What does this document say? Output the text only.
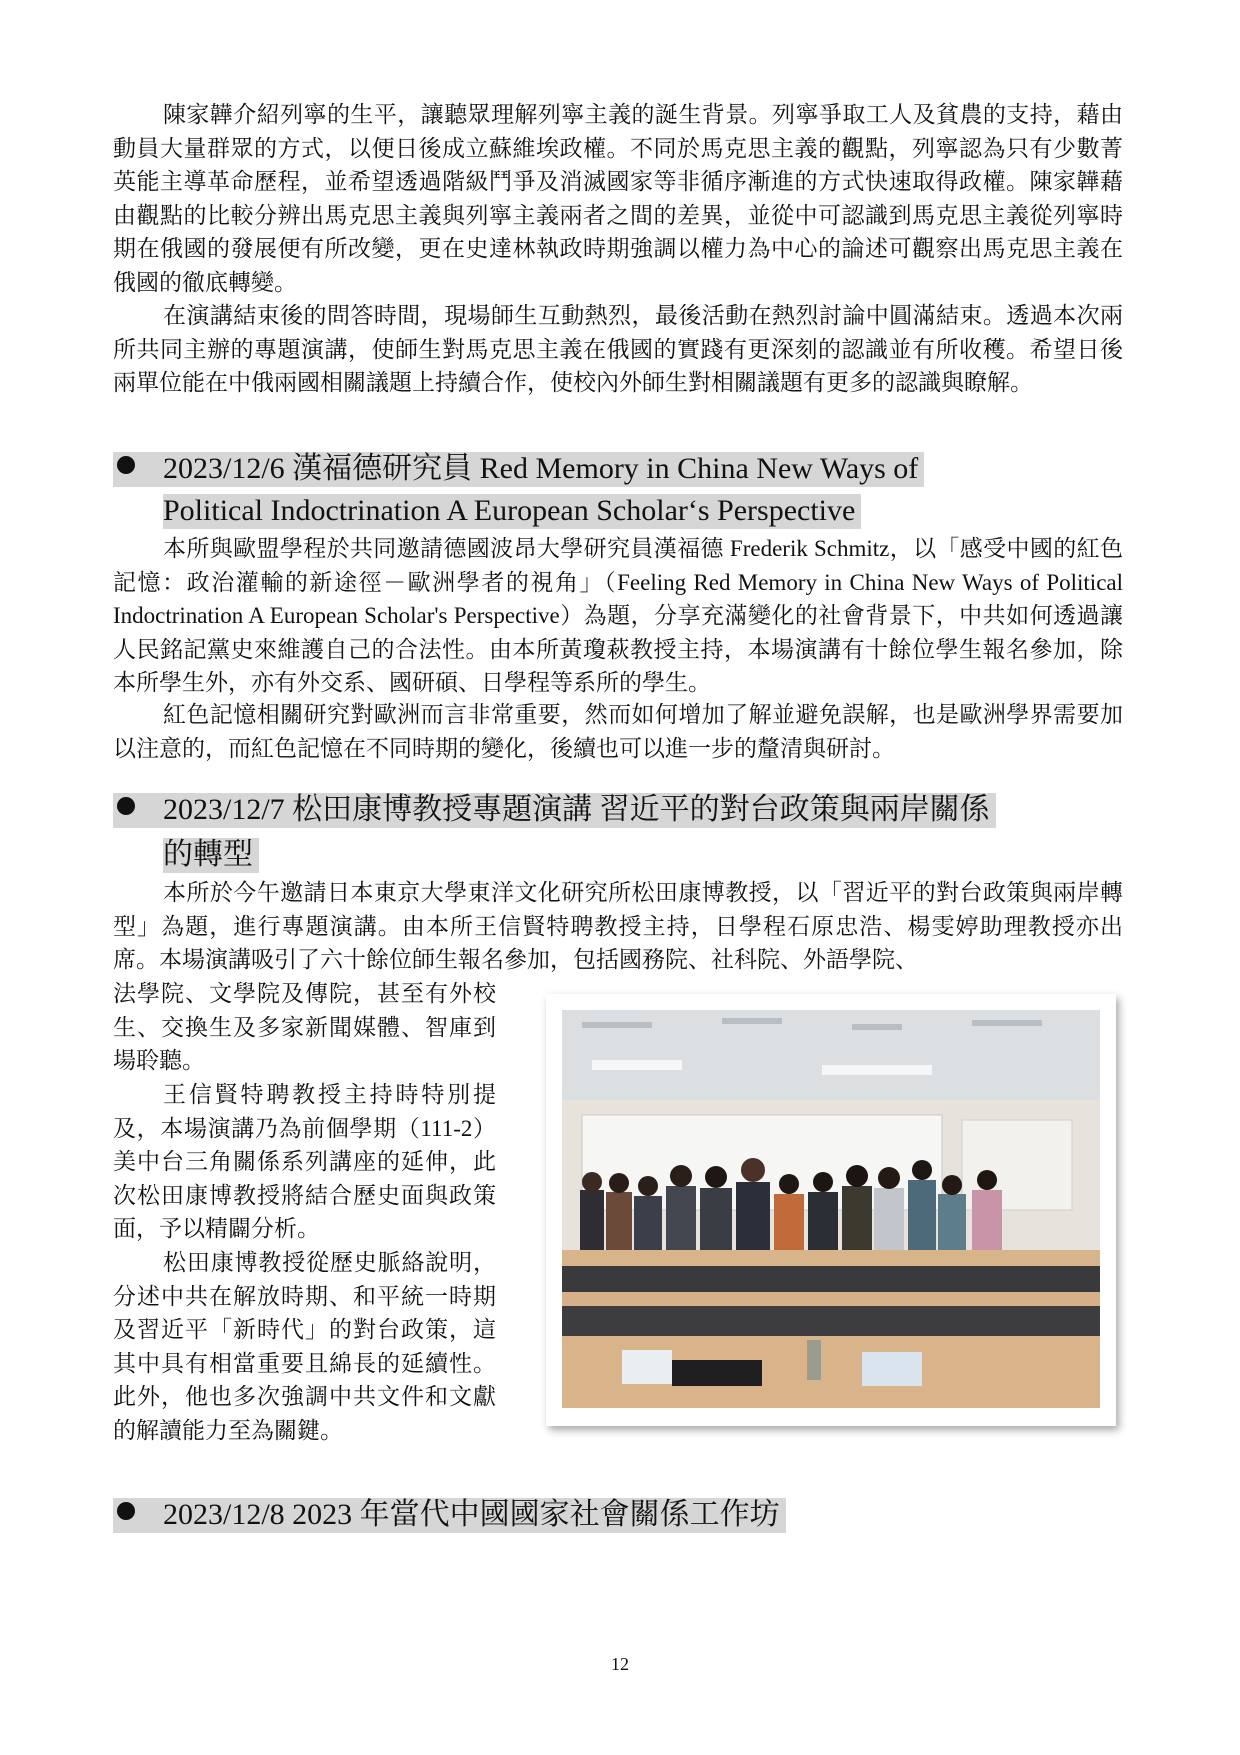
陳家韡介紹列寧的生平，讓聽眾理解列寧主義的誕生背景。列寧爭取工人及貧農的支持，藉由動員大量群眾的方式，以便日後成立蘇維埃政權。不同於馬克思主義的觀點，列寧認為只有少數菁英能主導革命歷程，並希望透過階級鬥爭及消滅國家等非循序漸進的方式快速取得政權。陳家韡藉由觀點的比較分辨出馬克思主義與列寧主義兩者之間的差異，並從中可認識到馬克思主義從列寧時期在俄國的發展便有所改變，更在史達林執政時期強調以權力為中心的論述可觀察出馬克思主義在俄國的徹底轉變。

在演講結束後的問答時間，現場師生互動熱烈，最後活動在熱烈討論中圓滿結束。透過本次兩所共同主辦的專題演講，使師生對馬克思主義在俄國的實踐有更深刻的認識並有所收穫。希望日後兩單位能在中俄兩國相關議題上持續合作，使校內外師生對相關議題有更多的認識與瞭解。

2023/12/6 漢福德研究員 Red Memory in China New Ways of
Political Indoctrination A European Scholar‘s Perspective

本所與歐盟學程於共同邀請德國波昂大學研究員漢福德 Frederik Schmitz，以「感受中國的紅色記憶：政治灌輸的新途徑－歐洲學者的視角」（Feeling Red Memory in China New Ways of Political Indoctrination A European Scholar's Perspective）為題，分享充滿變化的社會背景下，中共如何透過讓人民銘記黨史來維護自己的合法性。由本所黃瓊萩教授主持，本場演講有十餘位學生報名參加，除本所學生外，亦有外交系、國研碩、日學程等系所的學生。

紅色記憶相關研究對歐洲而言非常重要，然而如何增加了解並避免誤解，也是歐洲學界需要加以注意的，而紅色記憶在不同時期的變化，後續也可以進一步的釐清與研討。

2023/12/7 松田康博教授專題演講 習近平的對台政策與兩岸關係
的轉型

本所於今午邀請日本東京大學東洋文化研究所松田康博教授，以「習近平的對台政策與兩岸轉型」為題，進行專題演講。由本所王信賢特聘教授主持，日學程石原忠浩、楊雯婷助理教授亦出席。本場演講吸引了六十餘位師生報名參加，包括國務院、社科院、外語學院、

法學院、文學院及傳院，甚至有外校生、交換生及多家新聞媒體、智庫到場聆聽。

王信賢特聘教授主持時特別提及，本場演講乃為前個學期（111-2）美中台三角關係系列講座的延伸，此次松田康博教授將結合歷史面與政策面，予以精闢分析。

松田康博教授從歷史脈絡說明，分述中共在解放時期、和平統一時期及習近平「新時代」的對台政策，這其中具有相當重要且綿長的延續性。此外，他也多次強調中共文件和文獻的解讀能力至為關鍵。

2023/12/8 2023 年當代中國國家社會關係工作坊
12
